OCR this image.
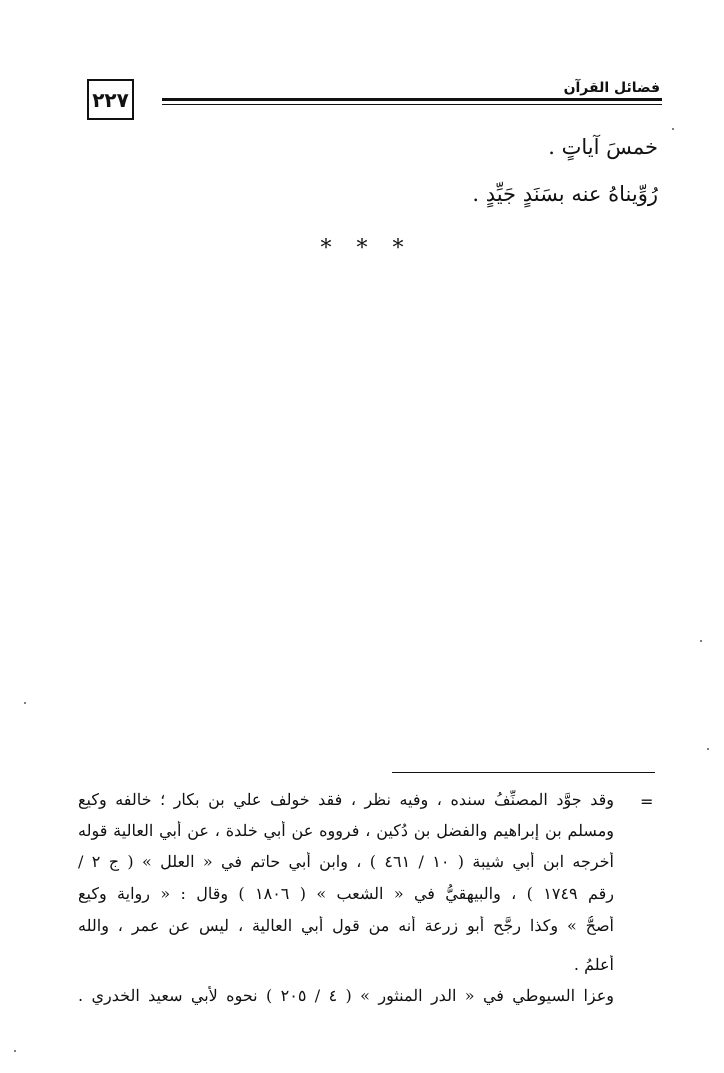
٢٢٧	فضائل القرآن
خمسَ آياتٍ .
رُوِّيناهُ عنه بسَنَدٍ جَيِّدٍ .
* * *
=
وقد جوَّد المصنِّفُ سنده ، وفيه نظر ، فقد خولف علي بن بكار ؛ خالفه وكيع
ومسلم بن إبراهيم والفضل بن دُكين ، فرووه عن أبي خلدة ، عن أبي العالية قوله
أخرجه ابن أبي شيبة ( ١٠ / ٤٦١ ) ، وابن أبي حاتم في « العلل » ( ج ٢ /
رقم ١٧٤٩ ) ، والبيهقيُّ في « الشعب » ( ١٨٠٦ ) وقال : « رواية وكيع
أصحُّ » وكذا رجَّح أبو زرعة أنه من قول أبي العالية ، ليس عن عمر ، والله
أعلمُ .
وعزا السيوطي في « الدر المنثور » ( ٤ / ٢٠٥ ) نحوه لأبي سعيد الخدري .
